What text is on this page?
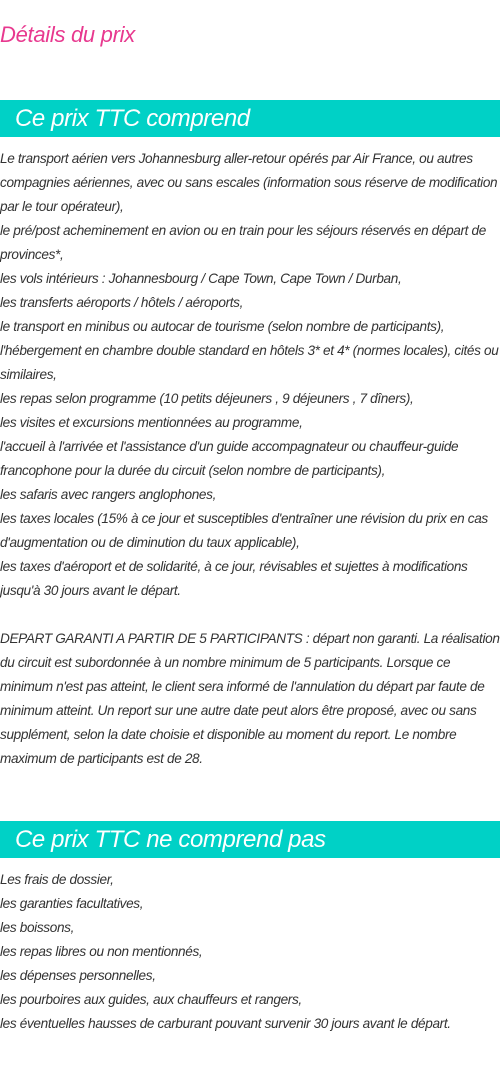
Détails du prix
Ce prix TTC comprend
Le transport aérien vers Johannesburg aller-retour opérés par Air France, ou autres compagnies aériennes, avec ou sans escales (information sous réserve de modification par le tour opérateur),
le pré/post acheminement en avion ou en train pour les séjours réservés en départ de provinces*,
les vols intérieurs : Johannesbourg / Cape Town, Cape Town / Durban,
les transferts aéroports / hôtels / aéroports,
le transport en minibus ou autocar de tourisme (selon nombre de participants),
l'hébergement en chambre double standard en hôtels 3* et 4* (normes locales), cités ou similaires,
les repas selon programme (10 petits déjeuners , 9 déjeuners , 7 dîners),
les visites et excursions mentionnées au programme,
l'accueil à l'arrivée et l'assistance d'un guide accompagnateur ou chauffeur-guide francophone pour la durée du circuit (selon nombre de participants),
les safaris avec rangers anglophones,
les taxes locales (15% à ce jour et susceptibles d'entraîner une révision du prix en cas d'augmentation ou de diminution du taux applicable),
les taxes d'aéroport et de solidarité, à ce jour, révisables et sujettes à modifications jusqu'à 30 jours avant le départ.

DEPART GARANTI A PARTIR DE 5 PARTICIPANTS : départ non garanti. La réalisation du circuit est subordonnée à un nombre minimum de 5 participants. Lorsque ce minimum n'est pas atteint, le client sera informé de l'annulation du départ par faute de minimum atteint. Un report sur une autre date peut alors être proposé, avec ou sans supplément, selon la date choisie et disponible au moment du report. Le nombre maximum de participants est de 28.

Ce prix TTC ne comprend pas
Les frais de dossier,
les garanties facultatives,
les boissons,
les repas libres ou non mentionnés,
les dépenses personnelles,
les pourboires aux guides, aux chauffeurs et rangers,
les éventuelles hausses de carburant pouvant survenir 30 jours avant le départ.
